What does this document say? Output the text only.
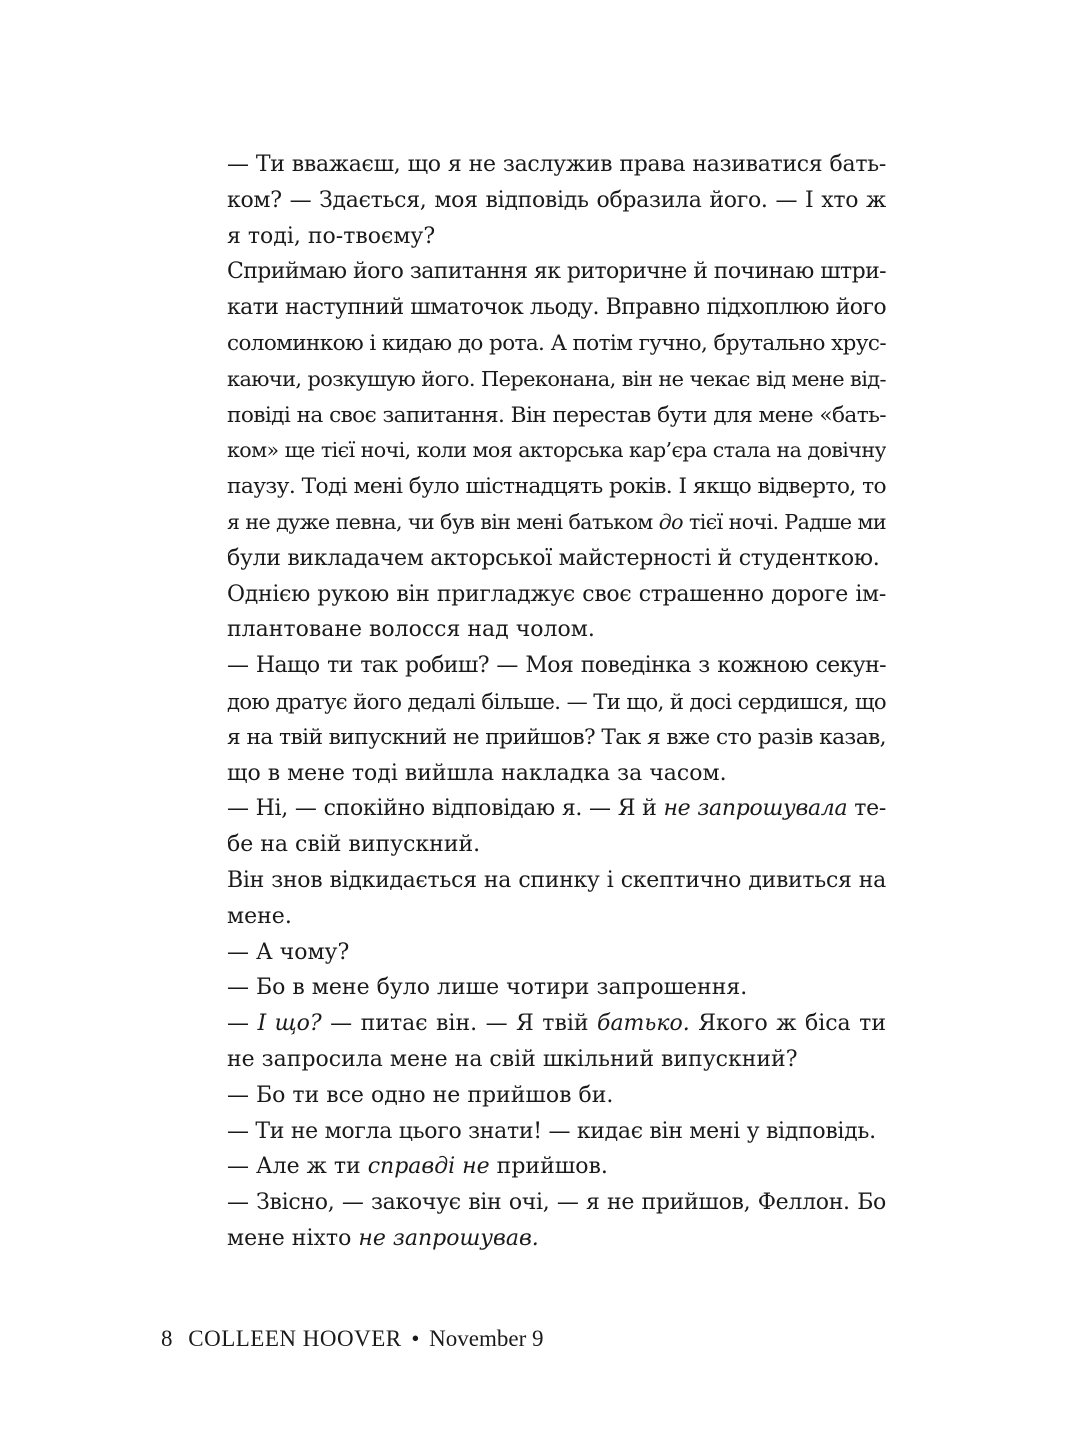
— Ти вважаєш, що я не заслужив права називатися бать-
ком? — Здається, моя відповідь образила його. — І хто ж
я тоді, по-твоєму?
Сприймаю його запитання як риторичне й починаю штри-
кати наступний шматочок льоду. Вправно підхоплюю його
соломинкою і кидаю до рота. А потім гучно, брутально хрус-
каючи, розкушую його. Переконана, він не чекає від мене від-
повіді на своє запитання. Він перестав бути для мене «бать-
ком» ще тієї ночі, коли моя акторська кар’єра стала на довічну
паузу. Тоді мені було шістнадцять років. І якщо відверто, то
я не дуже певна, чи був він мені батьком до тієї ночі. Радше ми
були викладачем акторської майстерності й студенткою.
Однією рукою він пригладжує своє страшенно дороге ім-
плантоване волосся над чолом.
— Нащо ти так робиш? — Моя поведінка з кожною секун-
дою дратує його дедалі більше. — Ти що, й досі сердишся, що
я на твій випускний не прийшов? Так я вже сто разів казав,
що в мене тоді вийшла накладка за часом.
— Ні, — спокійно відповідаю я. — Я й не запрошувала те-
бе на свій випускний.
Він знов відкидається на спинку і скептично дивиться на
мене.
— А чому?
— Бо в мене було лише чотири запрошення.
— І що? — питає він. — Я твій батько. Якого ж біса ти
не запросила мене на свій шкільний випускний?
— Бо ти все одно не прийшов би.
— Ти не могла цього знати! — кидає він мені у відповідь.
— Але ж ти справді не прийшов.
— Звісно, — закочує він очі, — я не прийшов, Феллон. Бо
мене ніхто не запрошував.
8 COLLEEN HOOVER • November 9
